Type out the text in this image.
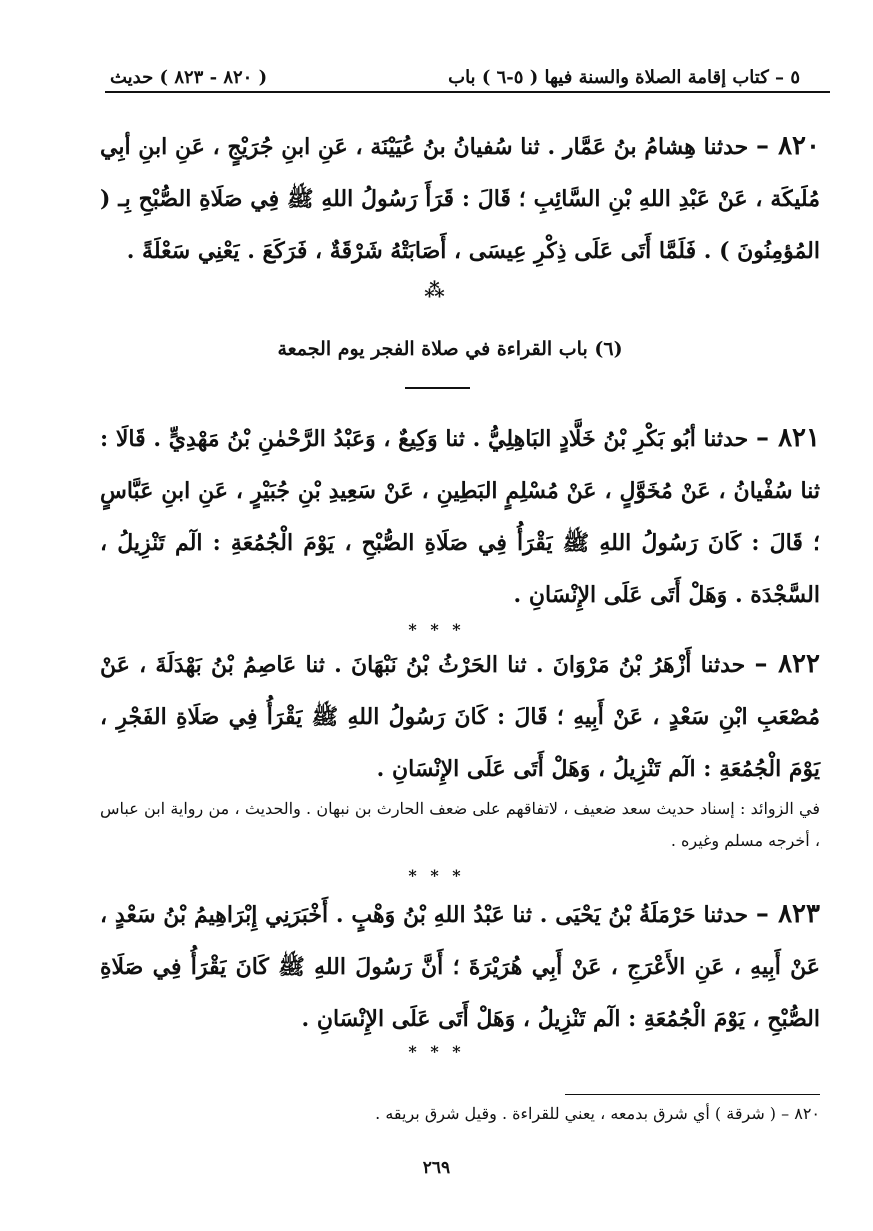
٥ – كتاب إقامة الصلاة والسنة فيها ( ٥-٦ ) باب
( ٨٢٠ - ٨٢٣ ) حديث
٨٢٠ – حدثنا هِشامُ بنُ عَمَّار . ثنا سُفيانُ بنُ عُيَيْنَة ، عَنِ ابنِ جُرَيْجٍ ، عَنِ ابنِ أبِي مُلَيكَة ، عَنْ عَبْدِ اللهِ بْنِ السَّائِبِ ؛ قَالَ : قَرَأَ رَسُولُ اللهِ ﷺ فِي صَلَاةِ الصُّبْحِ بِـ ( المُؤمِنُونَ ) . فَلَمَّا أَتَى عَلَى ذِكْرِ عِيسَى ، أَصَابَتْهُ شَرْقَةٌ ، فَرَكَعَ . يَعْنِي سَعْلَةً .
⁂
(٦) باب القراءة في صلاة الفجر يوم الجمعة
٨٢١ – حدثنا أبُو بَكْرِ بْنُ خَلَّادٍ البَاهِلِيُّ . ثنا وَكِيعٌ ، وَعَبْدُ الرَّحْمٰنِ بْنُ مَهْدِيٍّ . قَالَا : ثنا سُفْيانُ ، عَنْ مُخَوَّلٍ ، عَنْ مُسْلِمٍ البَطِينِ ، عَنْ سَعِيدِ بْنِ جُبَيْرٍ ، عَنِ ابنِ عَبَّاسٍ ؛ قَالَ : كَانَ رَسُولُ اللهِ ﷺ يَقْرَأُ فِي صَلَاةِ الصُّبْحِ ، يَوْمَ الْجُمُعَةِ : الٓم تَنْزِيلُ ، السَّجْدَة . وَهَلْ أَتَى عَلَى الإِنْسَانِ .
* * *
٨٢٢ – حدثنا أَزْهَرُ بْنُ مَرْوَانَ . ثنا الحَرْثُ بْنُ نَبْهَانَ . ثنا عَاصِمُ بْنُ بَهْدَلَةَ ، عَنْ مُصْعَبِ ابْنِ سَعْدٍ ، عَنْ أَبِيهِ ؛ قَالَ : كَانَ رَسُولُ اللهِ ﷺ يَقْرَأُ فِي صَلَاةِ الفَجْرِ ، يَوْمَ الْجُمُعَةِ : الٓم تَنْزِيلُ ، وَهَلْ أَتَى عَلَى الإِنْسَانِ .
في الزوائد : إسناد حديث سعد ضعيف ، لاتفاقهم على ضعف الحارث بن نبهان . والحديث ، من رواية ابن عباس ، أخرجه مسلم وغيره .
* * *
٨٢٣ – حدثنا حَرْمَلَةُ بْنُ يَحْيَى . ثنا عَبْدُ اللهِ بْنُ وَهْبٍ . أَخْبَرَنِي إِبْرَاهِيمُ بْنُ سَعْدٍ ، عَنْ أَبِيهِ ، عَنِ الأَعْرَجِ ، عَنْ أَبِي هُرَيْرَةَ ؛ أَنَّ رَسُولَ اللهِ ﷺ كَانَ يَقْرَأُ فِي صَلَاةِ الصُّبْحِ ، يَوْمَ الْجُمُعَةِ : الٓم تَنْزِيلُ ، وَهَلْ أَتَى عَلَى الإِنْسَانِ .
* * *
٨٢٠ – ( شرقة ) أي شرق بدمعه ، يعني للقراءة . وقيل شرق بريقه .
٢٦٩
